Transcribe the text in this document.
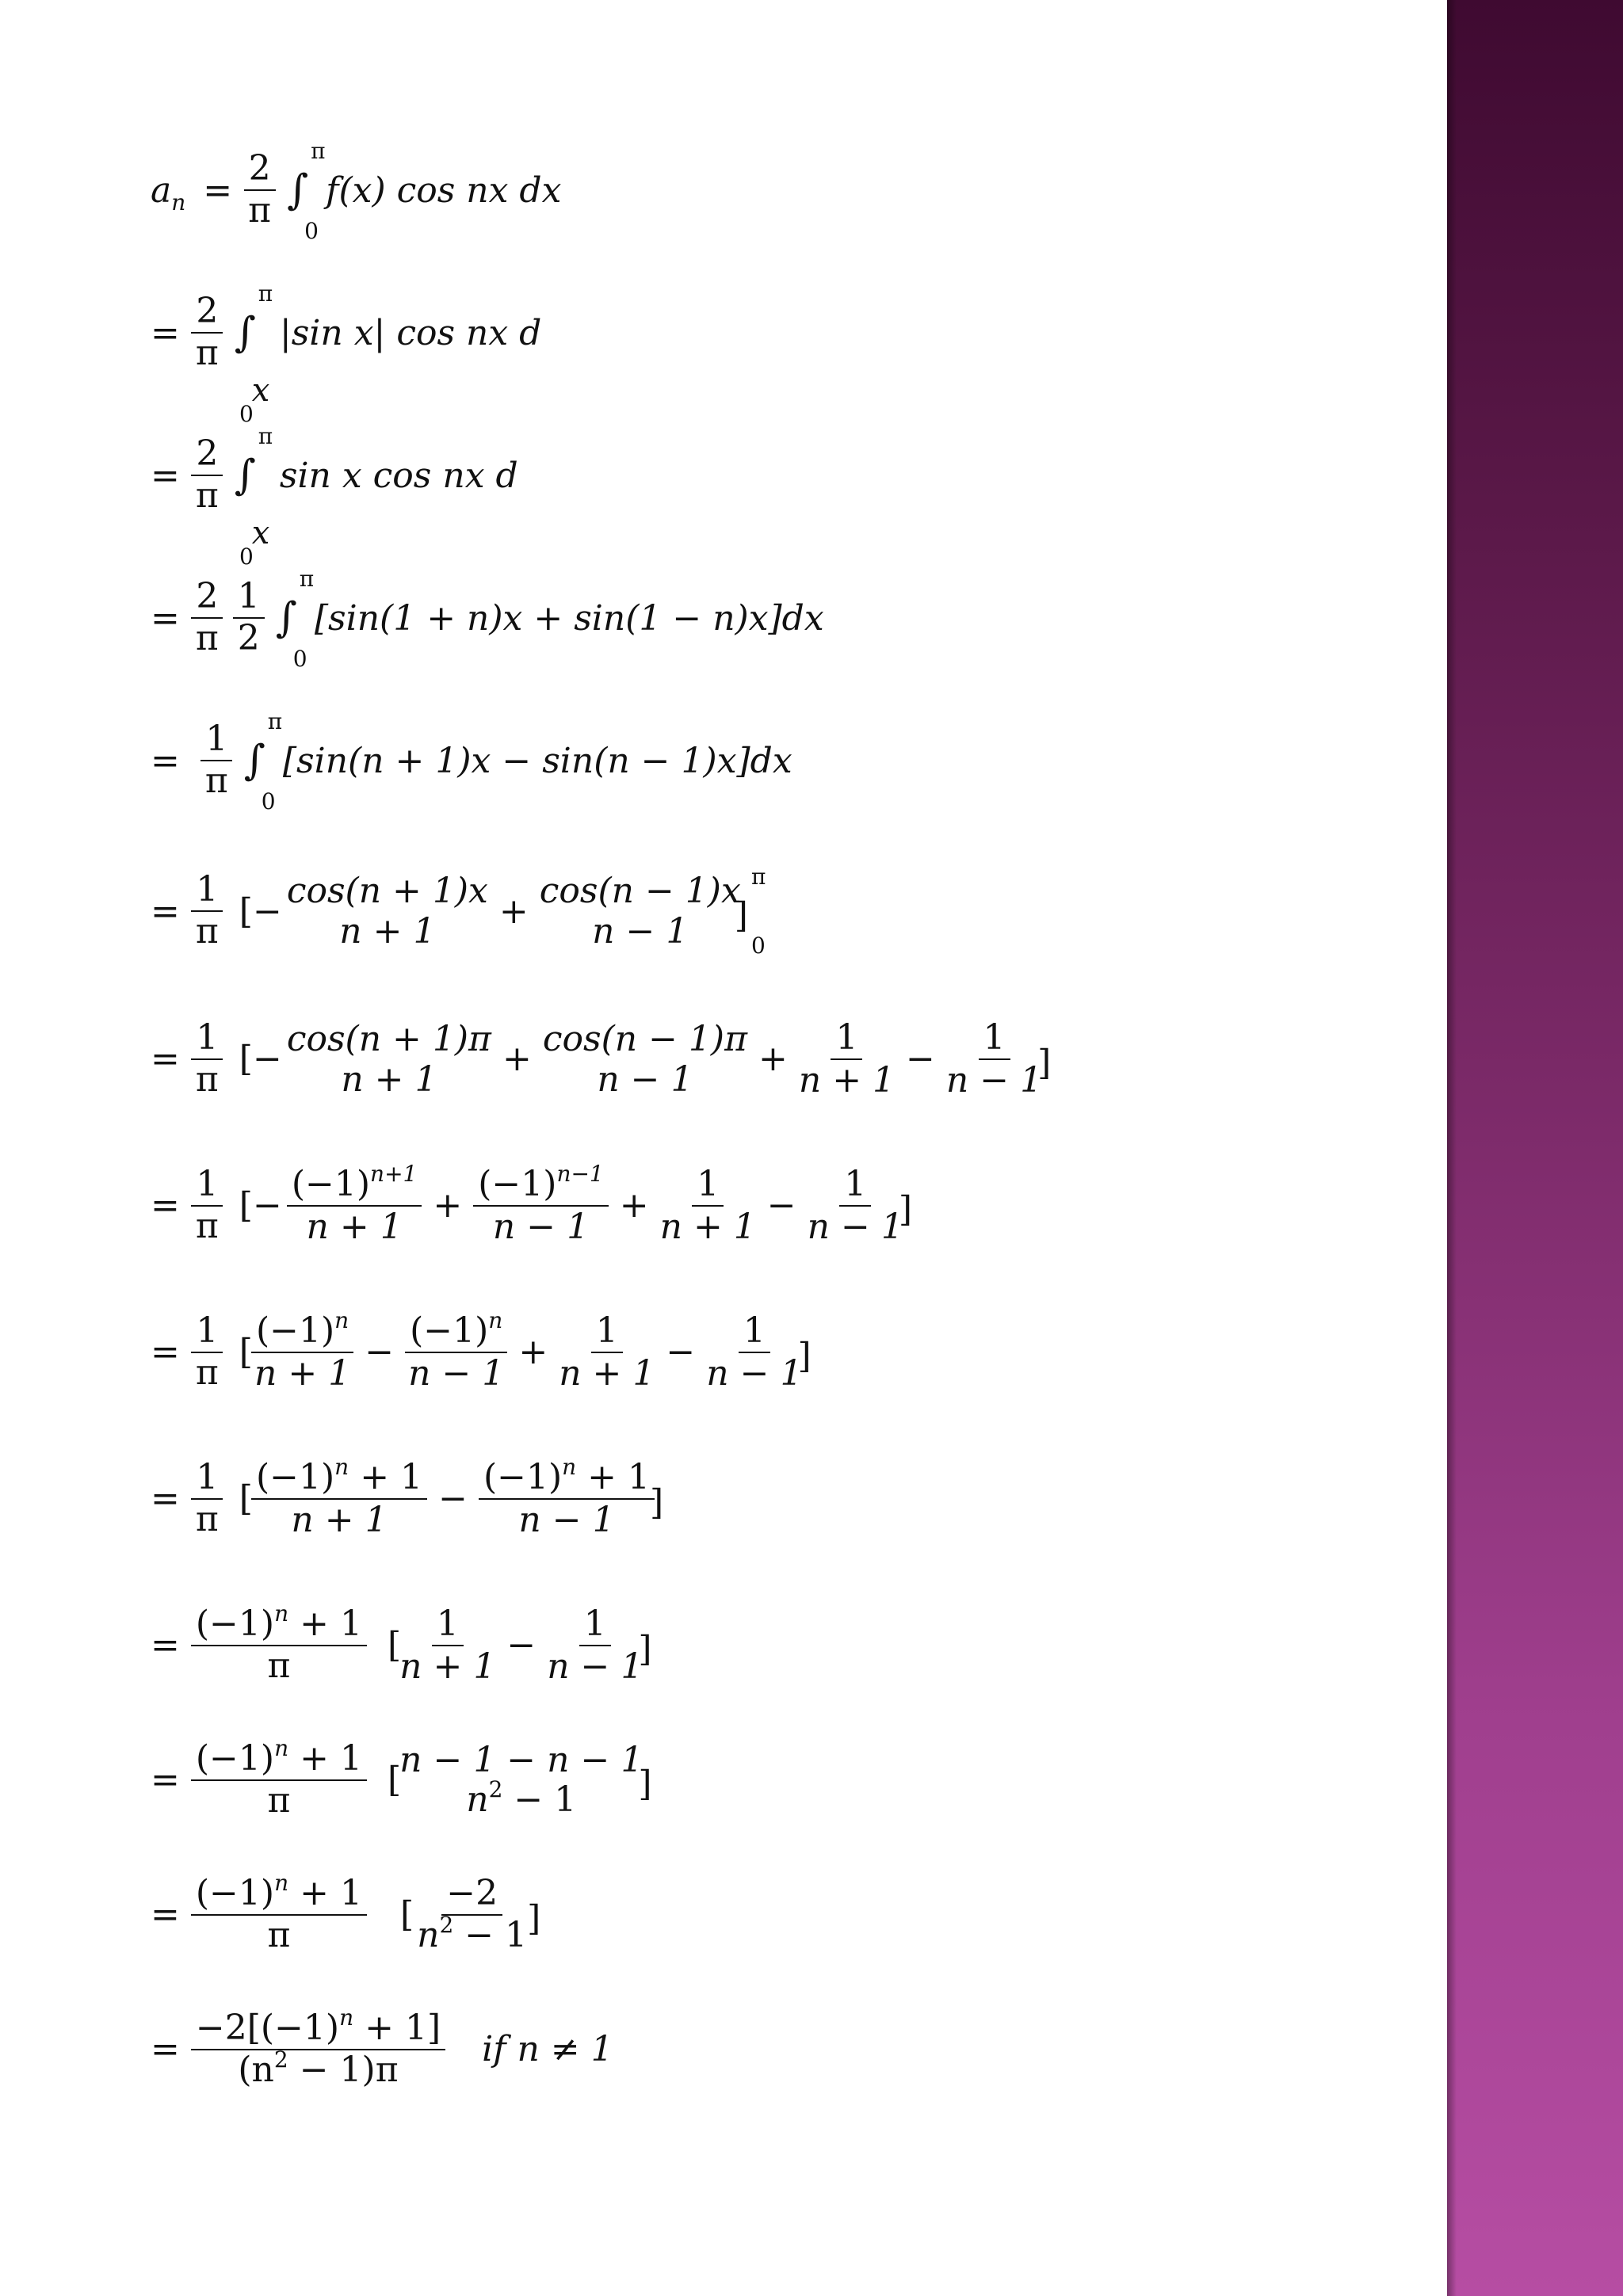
$a_n = \frac{2}{\pi}$ π
∫
0
f(x) cos nx dx
= $\frac{2}{\pi}$ π
∫
x
|sin x| cos nx d
0
= $\frac{2}{\pi}$ π
∫
x
sin x cos nx d
0
= $\frac{2}{\pi} \frac{1}{2}$ π
∫
0
[sin(1 + n)x + sin(1 − n)x]dx
= $\frac{1}{\pi}$ π
∫
0
[sin(n + 1)x − sin(n − 1)x]dx
= $\frac{1}{\pi}$ [− cos(n + 1)x
n + 1 + cos(n − 1)x
n − 1 ]
π
0
= $\frac{1}{\pi}$ [− cos(n + 1)π
n + 1 + cos(n − 1)π
$n - 1 + \frac{1}{n + 1} - \frac{1}{n - 1}$
]
= $\frac{1}{\pi}$ [− $\frac{(-1)^{n+1}}{n + 1} + \frac{(-1)^{n-1}}{n - 1} + \frac{1}{n + 1} - \frac{1}{n - 1}$
]
= $\frac{1}{\pi}$ [
$\frac{(-1)^n}{n + 1} - \frac{(-1)^n}{n - 1} + \frac{1}{n + 1} - \frac{1}{n - 1}$
]
= $\frac{1}{\pi}$ [
$\frac{(-1)^n + 1}{n + 1} - \frac{(-1)^n + 1}{n - 1}$
]
= $\frac{(-1)^n + 1}{\pi}$ [
$\frac{1}{n + 1} - \frac{1}{n - 1}$
]
= $\frac{(-1)^n + 1}{\pi}$ [
n − 1 − n − 1
$n^2 - 1$ ]
= $\frac{(-1)^n + 1}{\pi}$ [
$\frac{-2}{n^2 - 1}$
]
= $\frac{-2[(-1)^n + 1]}{(n^2 - 1)\pi}$ if n ≠ 1
